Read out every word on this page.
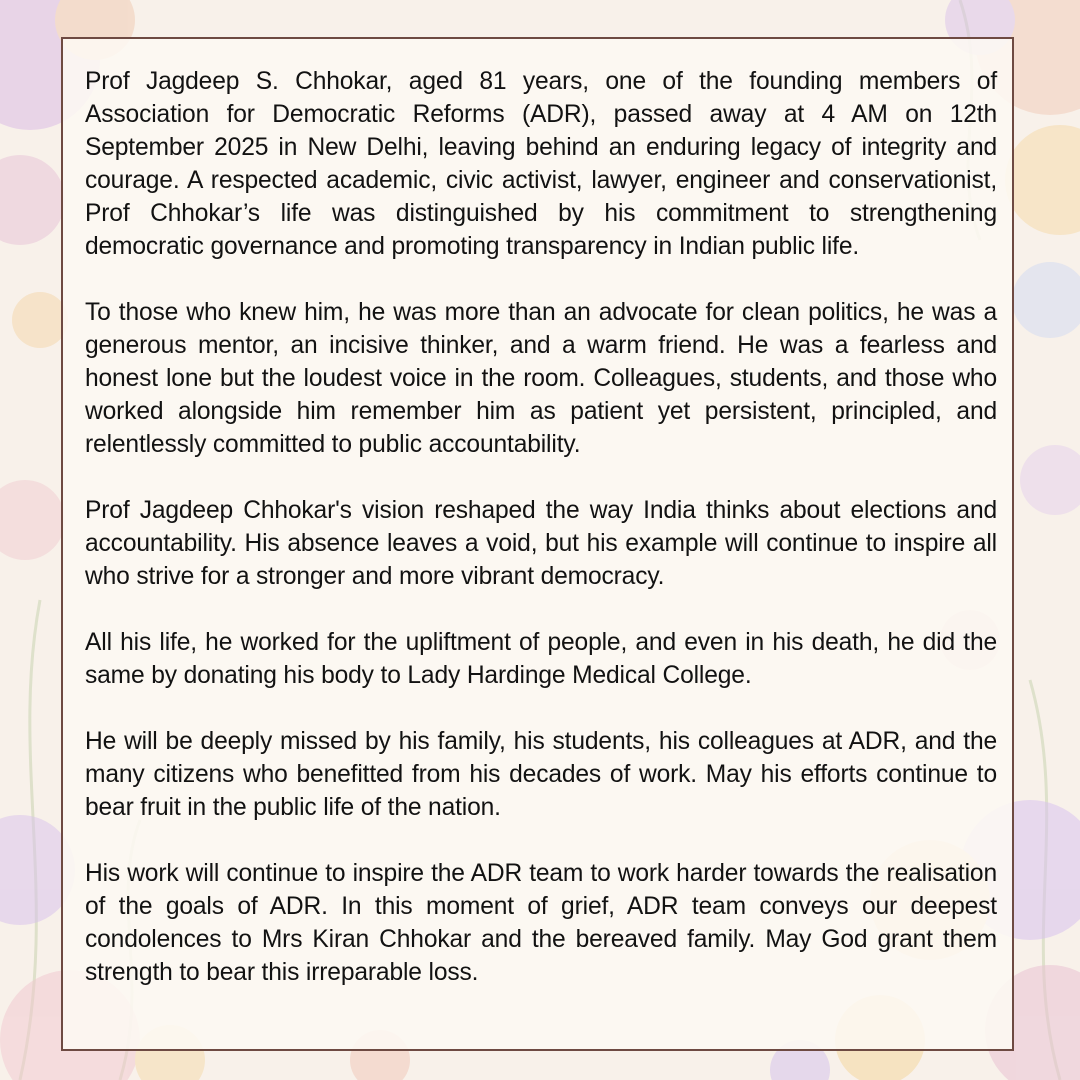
Prof Jagdeep S. Chhokar, aged 81 years, one of the founding members of Association for Democratic Reforms (ADR), passed away at 4 AM on 12th September 2025 in New Delhi, leaving behind an enduring legacy of integrity and courage. A respected academic, civic activist, lawyer, engineer and conservationist, Prof Chhokar’s life was distinguished by his commitment to strengthening democratic governance and promoting transparency in Indian public life.

To those who knew him, he was more than an advocate for clean politics, he was a generous mentor, an incisive thinker, and a warm friend. He was a fearless and honest lone but the loudest voice in the room. Colleagues, students, and those who worked alongside him remember him as patient yet persistent, principled, and relentlessly committed to public accountability.

Prof Jagdeep Chhokar's vision reshaped the way India thinks about elections and accountability. His absence leaves a void, but his example will continue to inspire all who strive for a stronger and more vibrant democracy.

All his life, he worked for the upliftment of people, and even in his death, he did the same by donating his body to Lady Hardinge Medical College.

He will be deeply missed by his family, his students, his colleagues at ADR, and the many citizens who benefitted from his decades of work. May his efforts continue to bear fruit in the public life of the nation.

His work will continue to inspire the ADR team to work harder towards the realisation of the goals of ADR. In this moment of grief, ADR team conveys our deepest condolences to Mrs Kiran Chhokar and the bereaved family. May God grant them strength to bear this irreparable loss.
